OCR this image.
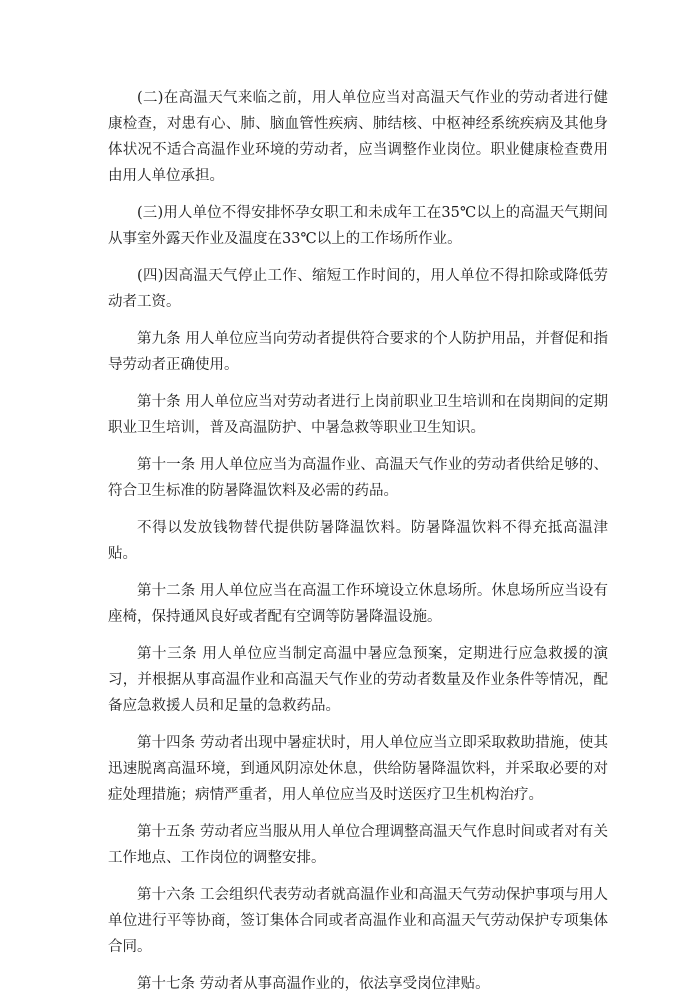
(二)在高温天气来临之前，用人单位应当对高温天气作业的劳动者进行健康检查，对患有心、肺、脑血管性疾病、肺结核、中枢神经系统疾病及其他身体状况不适合高温作业环境的劳动者，应当调整作业岗位。职业健康检查费用由用人单位承担。

(三)用人单位不得安排怀孕女职工和未成年工在35℃以上的高温天气期间从事室外露天作业及温度在33℃以上的工作场所作业。

(四)因高温天气停止工作、缩短工作时间的，用人单位不得扣除或降低劳动者工资。

第九条 用人单位应当向劳动者提供符合要求的个人防护用品，并督促和指导劳动者正确使用。

第十条 用人单位应当对劳动者进行上岗前职业卫生培训和在岗期间的定期职业卫生培训，普及高温防护、中暑急救等职业卫生知识。

第十一条 用人单位应当为高温作业、高温天气作业的劳动者供给足够的、符合卫生标准的防暑降温饮料及必需的药品。

不得以发放钱物替代提供防暑降温饮料。防暑降温饮料不得充抵高温津贴。

第十二条 用人单位应当在高温工作环境设立休息场所。休息场所应当设有座椅，保持通风良好或者配有空调等防暑降温设施。

第十三条 用人单位应当制定高温中暑应急预案，定期进行应急救援的演习，并根据从事高温作业和高温天气作业的劳动者数量及作业条件等情况，配备应急救援人员和足量的急救药品。

第十四条 劳动者出现中暑症状时，用人单位应当立即采取救助措施，使其迅速脱离高温环境，到通风阴凉处休息，供给防暑降温饮料，并采取必要的对症处理措施；病情严重者，用人单位应当及时送医疗卫生机构治疗。

第十五条 劳动者应当服从用人单位合理调整高温天气作息时间或者对有关工作地点、工作岗位的调整安排。

第十六条 工会组织代表劳动者就高温作业和高温天气劳动保护事项与用人单位进行平等协商，签订集体合同或者高温作业和高温天气劳动保护专项集体合同。

第十七条 劳动者从事高温作业的，依法享受岗位津贴。
